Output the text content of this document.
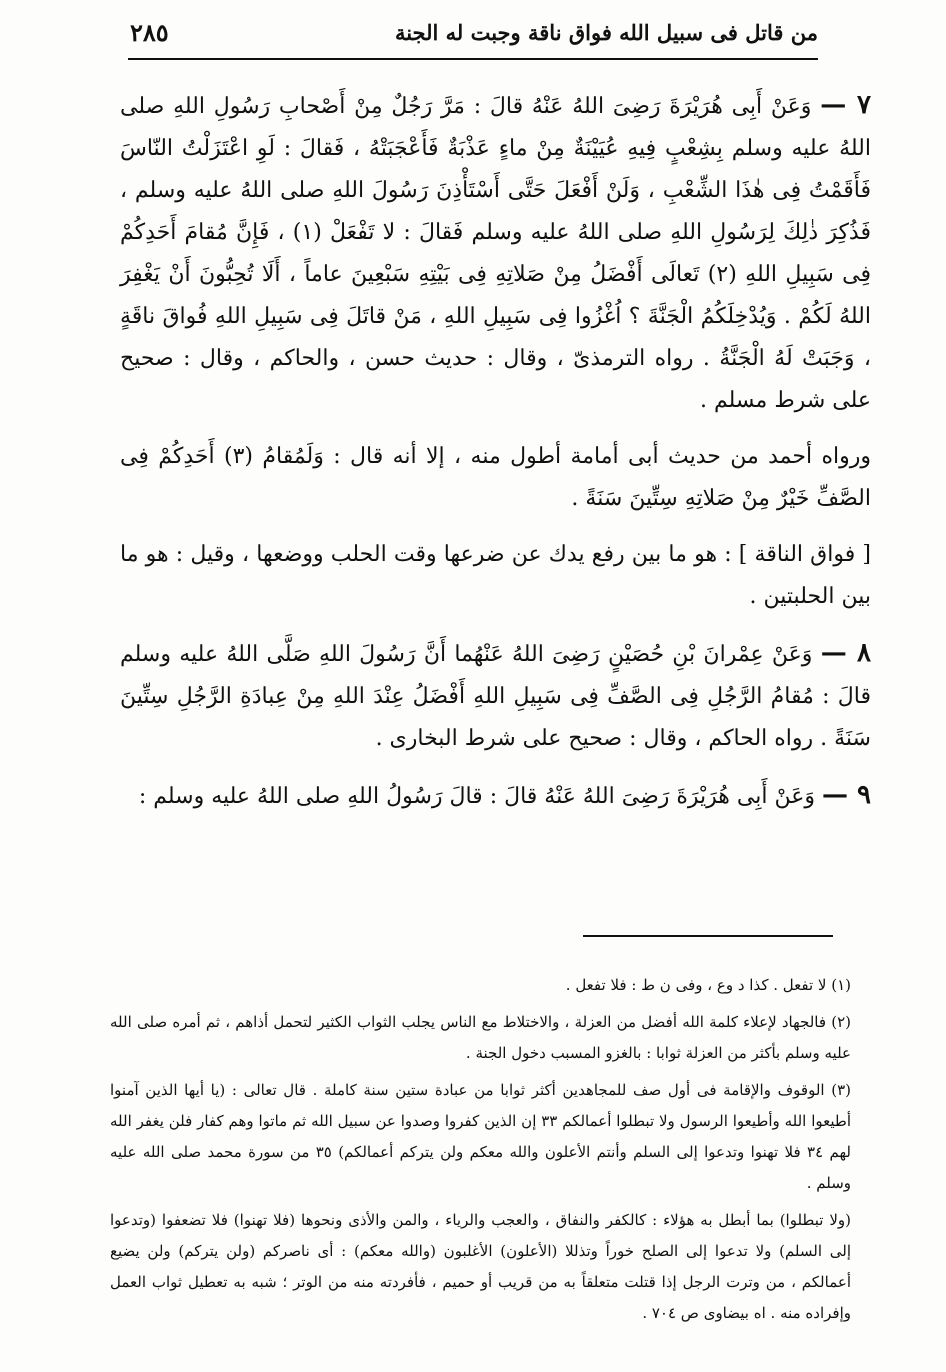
من قاتل فى سبيل الله فواق ناقة وجبت له الجنة
٢٨٥

٧ — وَعَنْ أَبِى هُرَيْرَةَ رَضِىَ اللهُ عَنْهُ قالَ : مَرَّ رَجُلٌ مِنْ أَصْحابِ رَسُولِ اللهِ صلى اللهُ عليه وسلم بِشِعْبٍ فِيهِ عُيَيْنَةٌ مِنْ ماءٍ عَذْبَةٌ فَأَعْجَبَتْهُ ، فَقالَ : لَوِ اعْتَزَلْتُ النّاسَ فَأَقَمْتُ فِى هٰذَا الشِّعْبِ ، وَلَنْ أَفْعَلَ حَتَّى أَسْتَأْذِنَ رَسُولَ اللهِ صلى اللهُ عليه وسلم ، فَذُكِرَ ذٰلِكَ لِرَسُولِ اللهِ صلى اللهُ عليه وسلم فَقالَ : لا تَفْعَلْ (١) ، فَإِنَّ مُقامَ أَحَدِكُمْ فِى سَبِيلِ اللهِ (٢) تَعالَى أَفْضَلُ مِنْ صَلاتِهِ فِى بَيْتِهِ سَبْعِينَ عاماً ، أَلَا تُحِبُّونَ أَنْ يَغْفِرَ اللهُ لَكُمْ . وَيُدْخِلَكُمُ الْجَنَّةَ ؟ اُغْزُوا فِى سَبِيلِ اللهِ ، مَنْ قاتَلَ فِى سَبِيلِ اللهِ فُواقَ ناقَةٍ ، وَجَبَتْ لَهُ الْجَنَّةُ . رواه الترمذىّ ، وقال : حديث حسن ، والحاكم ، وقال : صحيح على شرط مسلم .

ورواه أحمد من حديث أبى أمامة أطول منه ، إلا أنه قال : وَلَمُقامُ (٣) أَحَدِكُمْ فِى الصَّفِّ خَيْرٌ مِنْ صَلاتِهِ سِتِّينَ سَنَةً .

[ فواق الناقة ] : هو ما بين رفع يدك عن ضرعها وقت الحلب ووضعها ، وقيل : هو ما بين الحلبتين .

٨ — وَعَنْ عِمْرانَ بْنِ حُصَيْنٍ رَضِىَ اللهُ عَنْهُما أَنَّ رَسُولَ اللهِ صَلَّى اللهُ عليه وسلم قالَ : مُقامُ الرَّجُلِ فِى الصَّفِّ فِى سَبِيلِ اللهِ أَفْضَلُ عِنْدَ اللهِ مِنْ عِبادَةِ الرَّجُلِ سِتِّينَ سَنَةً . رواه الحاكم ، وقال : صحيح على شرط البخارى .

٩ — وَعَنْ أَبِى هُرَيْرَةَ رَضِىَ اللهُ عَنْهُ قالَ : قالَ رَسُولُ اللهِ صلى اللهُ عليه وسلم :

(١) لا تفعل . كذا د وع ، وفى ن ط : فلا تفعل .

(٢) فالجهاد لإعلاء كلمة الله أفضل من العزلة ، والاختلاط مع الناس يجلب الثواب الكثير لتحمل أذاهم ، ثم أمره صلى الله عليه وسلم بأكثر من العزلة ثوابا : بالغزو المسبب دخول الجنة .

(٣) الوقوف والإقامة فى أول صف للمجاهدين أكثر ثوابا من عبادة ستين سنة كاملة . قال تعالى : (يا أيها الذين آمنوا أطيعوا الله وأطيعوا الرسول ولا تبطلوا أعمالكم ٣٣ إن الذين كفروا وصدوا عن سبيل الله ثم ماتوا وهم كفار فلن يغفر الله لهم ٣٤ فلا تهنوا وتدعوا إلى السلم وأنتم الأعلون والله معكم ولن يتركم أعمالكم) ٣٥ من سورة محمد صلى الله عليه وسلم .

(ولا تبطلوا) بما أبطل به هؤلاء : كالكفر والنفاق ، والعجب والرياء ، والمن والأذى ونحوها (فلا تهنوا) فلا تضعفوا (وتدعوا إلى السلم) ولا تدعوا إلى الصلح خوراً وتذللا (الأعلون) الأغلبون (والله معكم) : أى ناصركم (ولن يتركم) ولن يضيع أعمالكم ، من وترت الرجل إذا قتلت متعلقاً به من قريب أو حميم ، فأفردته منه من الوتر ؛ شبه به تعطيل ثواب العمل وإفراده منه . اه بيضاوى ص ٧٠٤ .
